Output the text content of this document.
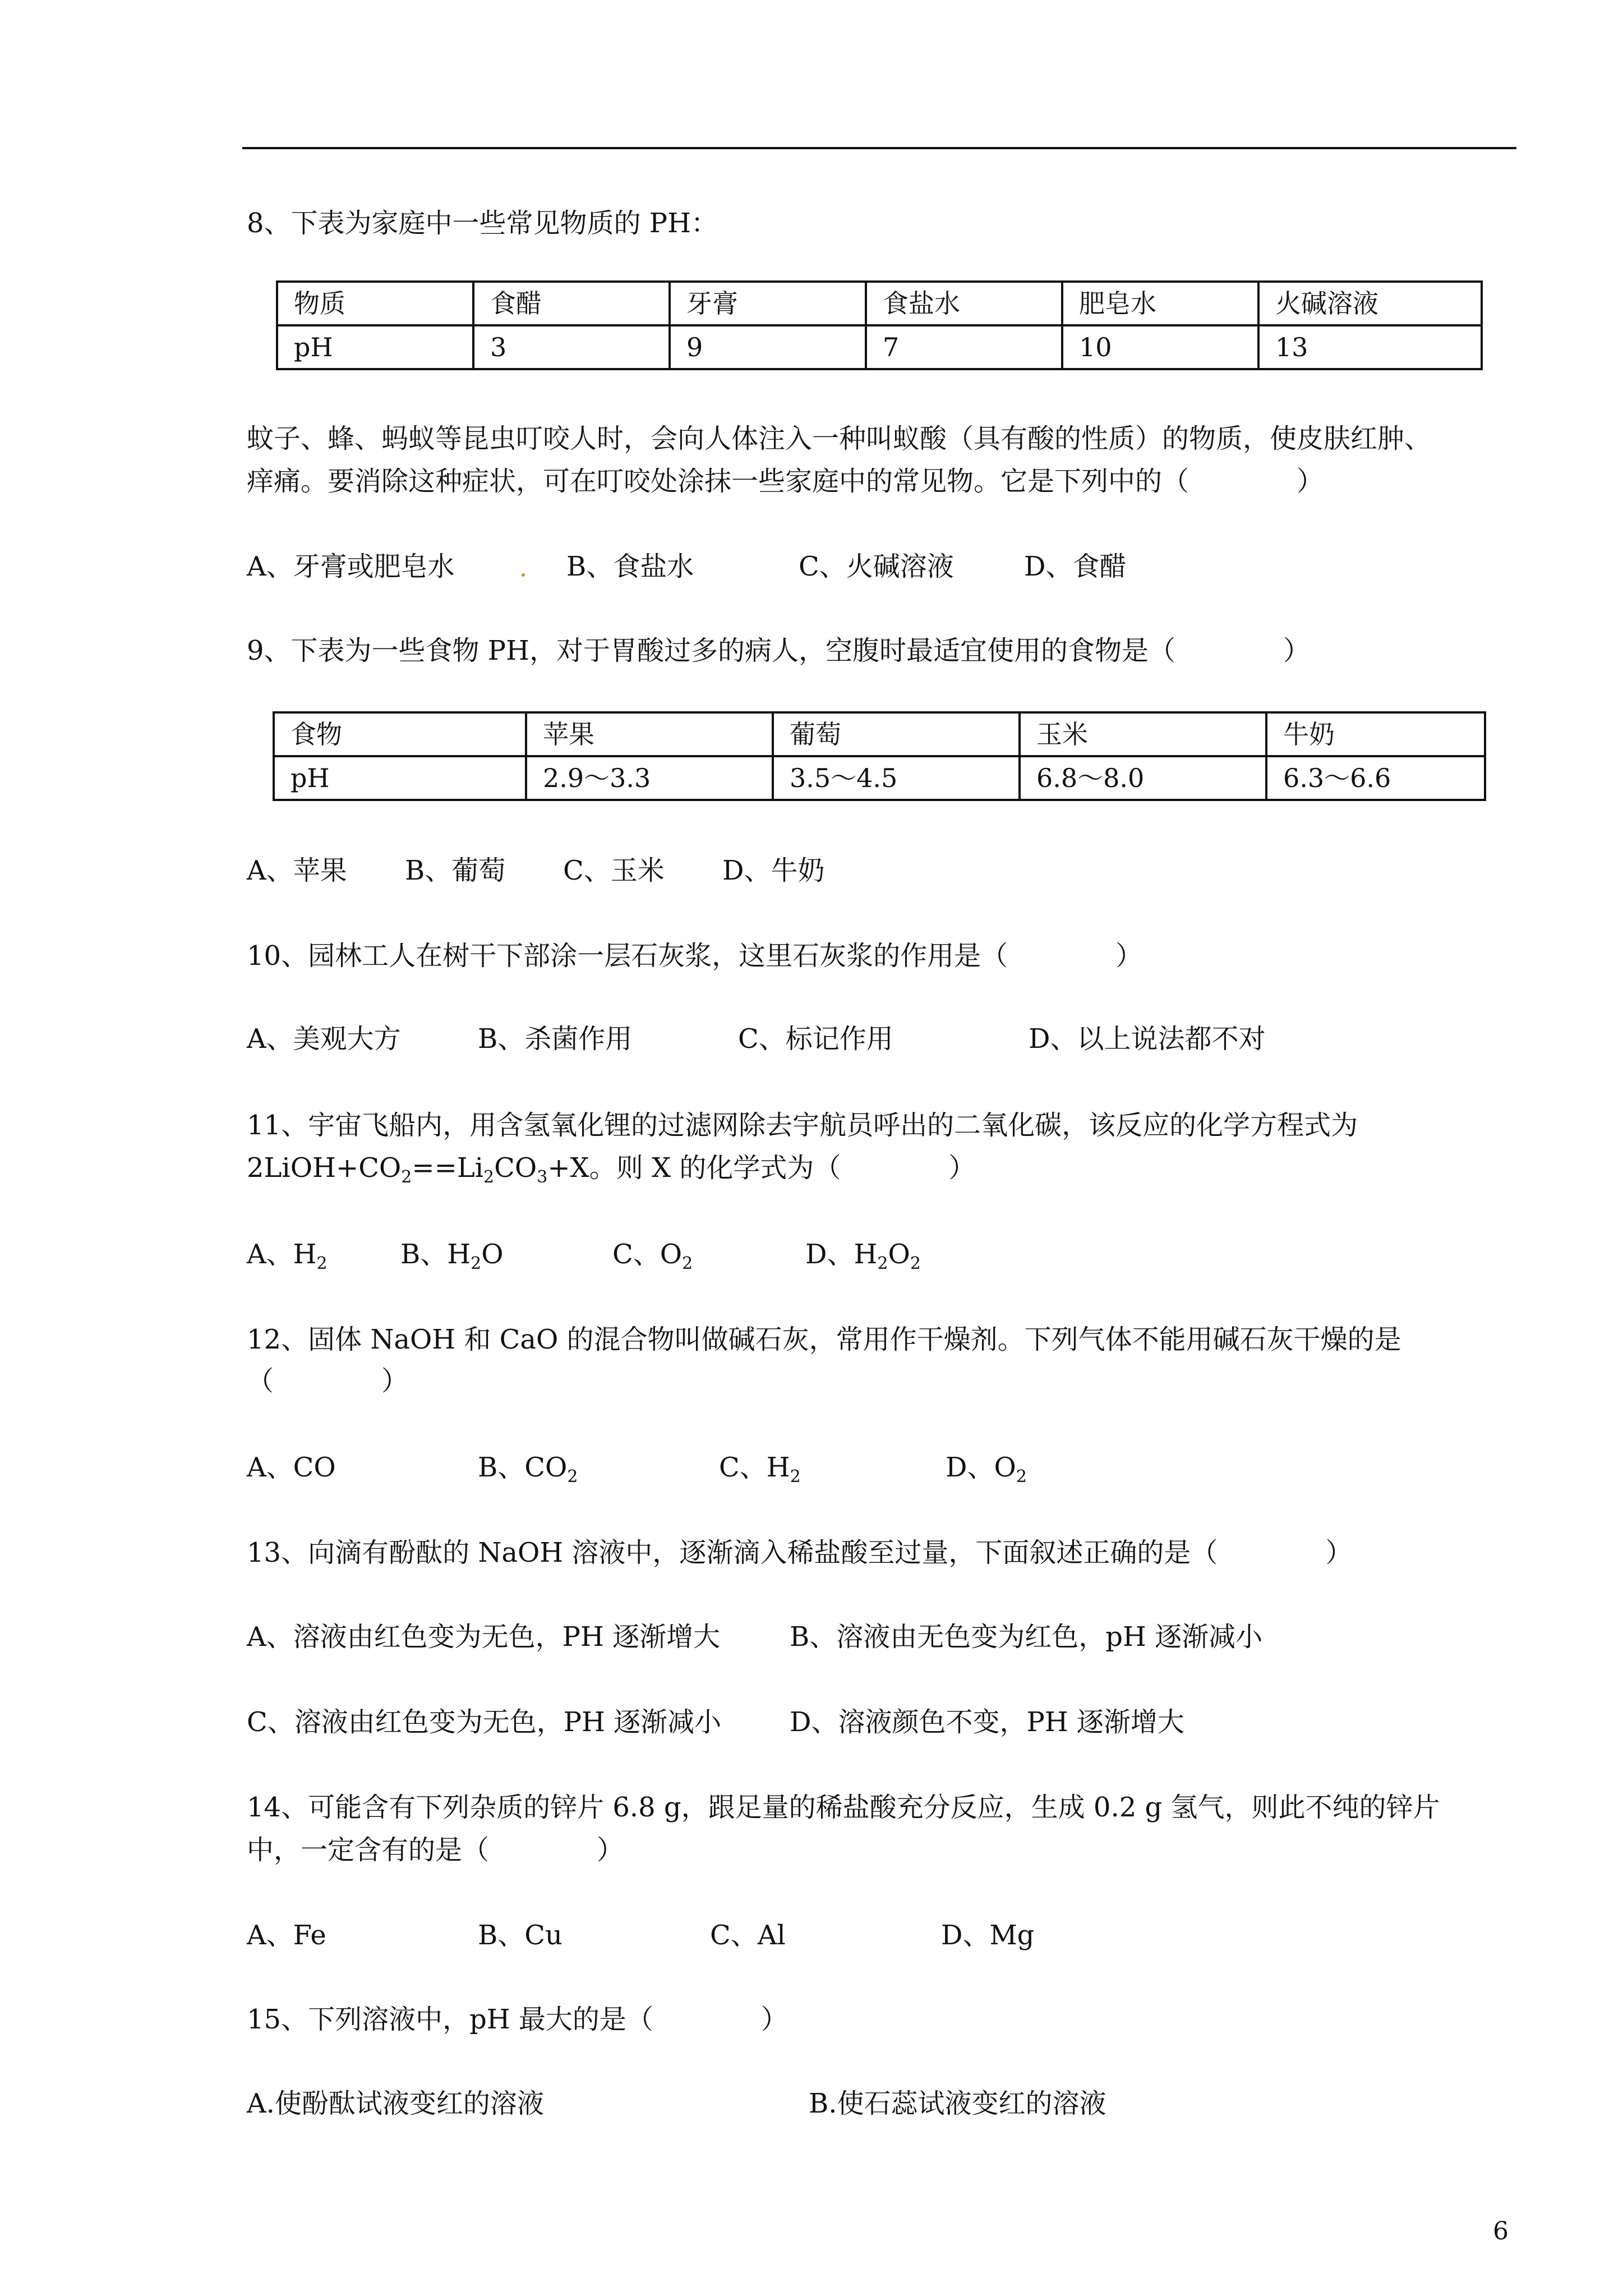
8、下表为家庭中一些常见物质的 PH：
物质	食醋	牙膏	食盐水	肥皂水	火碱溶液
pH	3	9	7	10	13
蚊子、蜂、蚂蚁等昆虫叮咬人时，会向人体注入一种叫蚁酸（具有酸的性质）的物质，使皮肤红肿、
痒痛。要消除这种症状，可在叮咬处涂抹一些家庭中的常见物。它是下列中的（　　　　）
A、牙膏或肥皂水	B、食盐水	C、火碱溶液	D、食醋
9、下表为一些食物 PH，对于胃酸过多的病人，空腹时最适宜使用的食物是（　　　　）
食物	苹果	葡萄	玉米	牛奶
pH	2.9～3.3	3.5～4.5	6.8～8.0	6.3～6.6
A、苹果 B、葡萄 C、玉米 D、牛奶
10、园林工人在树干下部涂一层石灰浆，这里石灰浆的作用是（　　　　）
A、美观大方	B、杀菌作用	C、标记作用	D、以上说法都不对
11、宇宙飞船内，用含氢氧化锂的过滤网除去宇航员呼出的二氧化碳，该反应的化学方程式为
$2LiOH+CO_2==Li_2CO_3+X$。则 X 的化学式为（　　　　）
A、$H_2$	B、$H_2O$	C、$O_2$	D、$H_2O_2$
12、固体 NaOH 和 CaO 的混合物叫做碱石灰，常用作干燥剂。下列气体不能用碱石灰干燥的是
（　　　　）
A、CO	B、$CO_2$	C、$H_2$	D、$O_2$
13、向滴有酚酞的 NaOH 溶液中，逐渐滴入稀盐酸至过量，下面叙述正确的是（　　　　）
A、溶液由红色变为无色，PH 逐渐增大	B、溶液由无色变为红色，pH 逐渐减小
C、溶液由红色变为无色，PH 逐渐减小	D、溶液颜色不变，PH 逐渐增大
14、可能含有下列杂质的锌片 6.8 g，跟足量的稀盐酸充分反应，生成 0.2 g 氢气，则此不纯的锌片
中，一定含有的是（　　　　）
A、Fe	B、Cu	C、Al	D、Mg
15、下列溶液中，pH 最大的是（　　　　）
A.使酚酞试液变红的溶液	B.使石蕊试液变红的溶液
6
